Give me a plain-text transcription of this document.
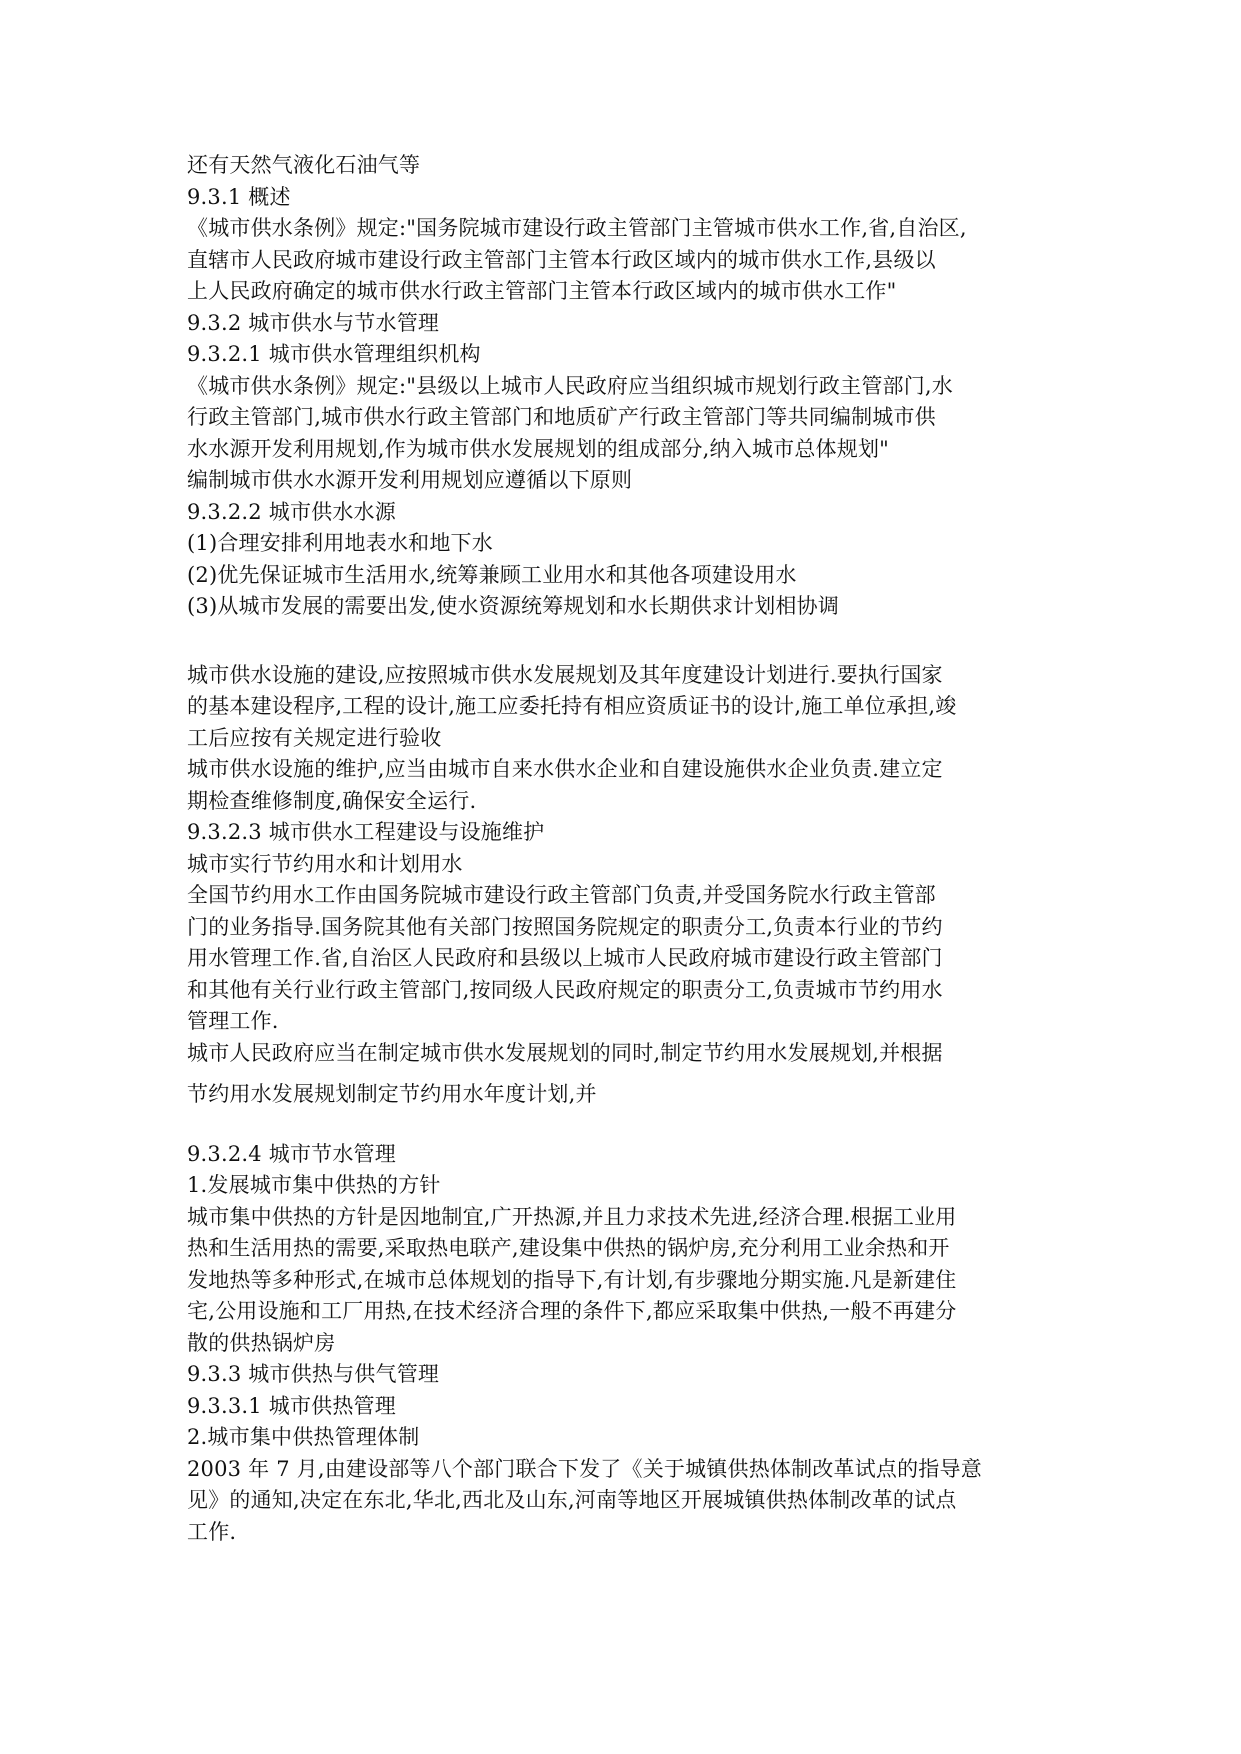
还有天然气液化石油气等
9.3.1 概述
《城市供水条例》规定:"国务院城市建设行政主管部门主管城市供水工作,省,自治区,
直辖市人民政府城市建设行政主管部门主管本行政区域内的城市供水工作,县级以
上人民政府确定的城市供水行政主管部门主管本行政区域内的城市供水工作"
9.3.2 城市供水与节水管理
9.3.2.1 城市供水管理组织机构
《城市供水条例》规定:"县级以上城市人民政府应当组织城市规划行政主管部门,水
行政主管部门,城市供水行政主管部门和地质矿产行政主管部门等共同编制城市供
水水源开发利用规划,作为城市供水发展规划的组成部分,纳入城市总体规划"
编制城市供水水源开发利用规划应遵循以下原则
9.3.2.2 城市供水水源
(1)合理安排利用地表水和地下水
(2)优先保证城市生活用水,统筹兼顾工业用水和其他各项建设用水
(3)从城市发展的需要出发,使水资源统筹规划和水长期供求计划相协调
城市供水设施的建设,应按照城市供水发展规划及其年度建设计划进行.要执行国家
的基本建设程序,工程的设计,施工应委托持有相应资质证书的设计,施工单位承担,竣
工后应按有关规定进行验收
城市供水设施的维护,应当由城市自来水供水企业和自建设施供水企业负责.建立定
期检查维修制度,确保安全运行.
9.3.2.3 城市供水工程建设与设施维护
城市实行节约用水和计划用水
全国节约用水工作由国务院城市建设行政主管部门负责,并受国务院水行政主管部
门的业务指导.国务院其他有关部门按照国务院规定的职责分工,负责本行业的节约
用水管理工作.省,自治区人民政府和县级以上城市人民政府城市建设行政主管部门
和其他有关行业行政主管部门,按同级人民政府规定的职责分工,负责城市节约用水
管理工作.
城市人民政府应当在制定城市供水发展规划的同时,制定节约用水发展规划,并根据
节约用水发展规划制定节约用水年度计划,并
9.3.2.4 城市节水管理
1.发展城市集中供热的方针
城市集中供热的方针是因地制宜,广开热源,并且力求技术先进,经济合理.根据工业用
热和生活用热的需要,采取热电联产,建设集中供热的锅炉房,充分利用工业余热和开
发地热等多种形式,在城市总体规划的指导下,有计划,有步骤地分期实施.凡是新建住
宅,公用设施和工厂用热,在技术经济合理的条件下,都应采取集中供热,一般不再建分
散的供热锅炉房
9.3.3 城市供热与供气管理
9.3.3.1 城市供热管理
2.城市集中供热管理体制
2003 年 7 月,由建设部等八个部门联合下发了《关于城镇供热体制改革试点的指导意
见》的通知,决定在东北,华北,西北及山东,河南等地区开展城镇供热体制改革的试点
工作.
